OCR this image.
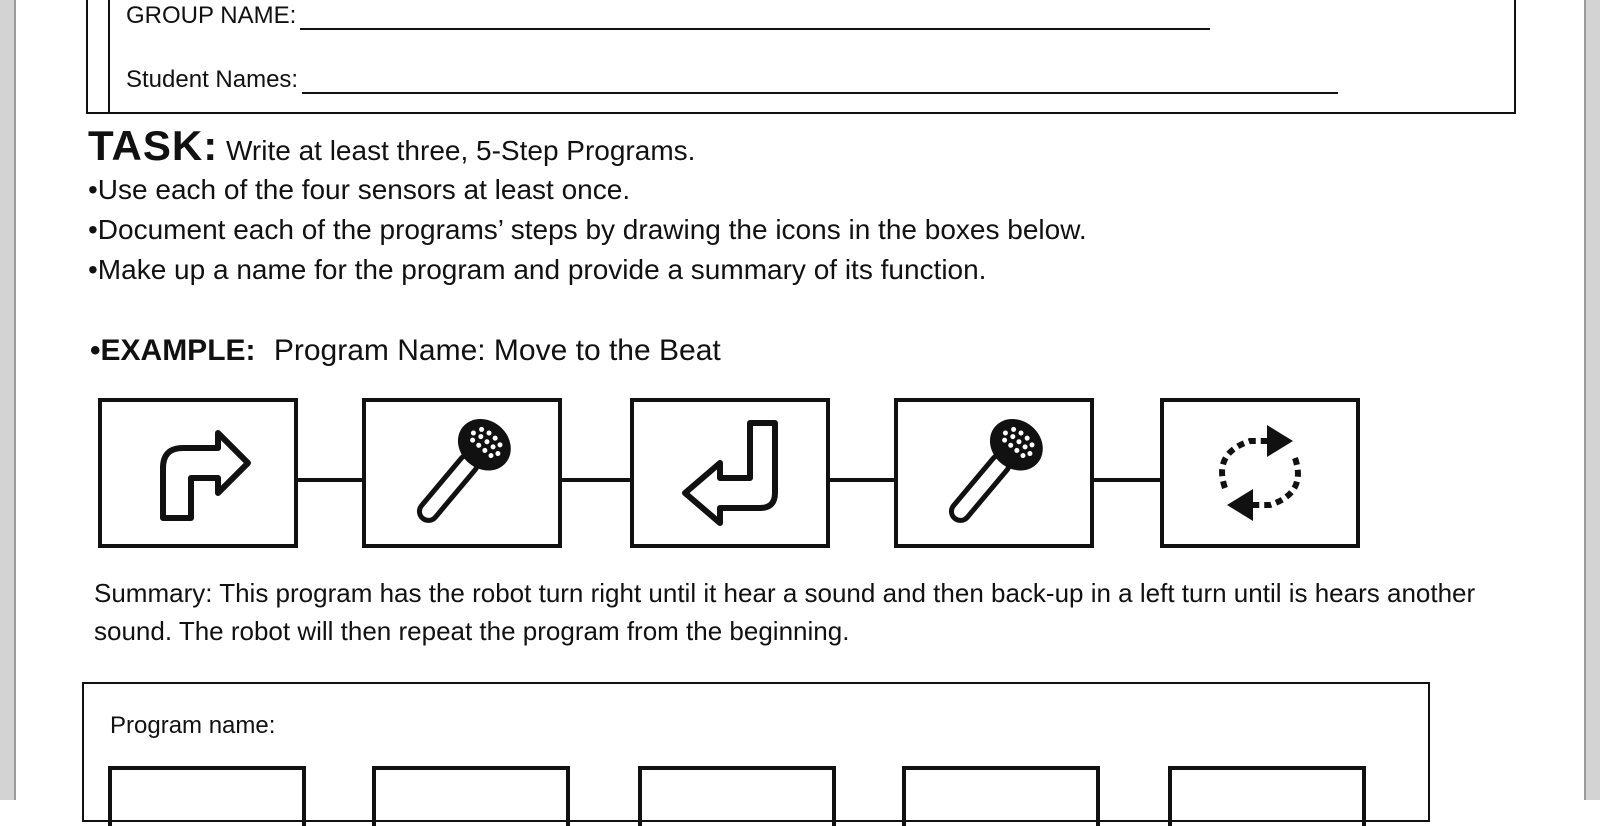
GROUP NAME:
Student Names:
TASK: Write at least three, 5-Step Programs.
•Use each of the four sensors at least once.
•Document each of the programs’ steps by drawing the icons in the boxes below.
•Make up a name for the program and provide a summary of its function.
•EXAMPLE: Program Name: Move to the Beat
Summary: This program has the robot turn right until it hear a sound and then back-up in a left turn until is hears another sound. The robot will then repeat the program from the beginning.
Program name:
